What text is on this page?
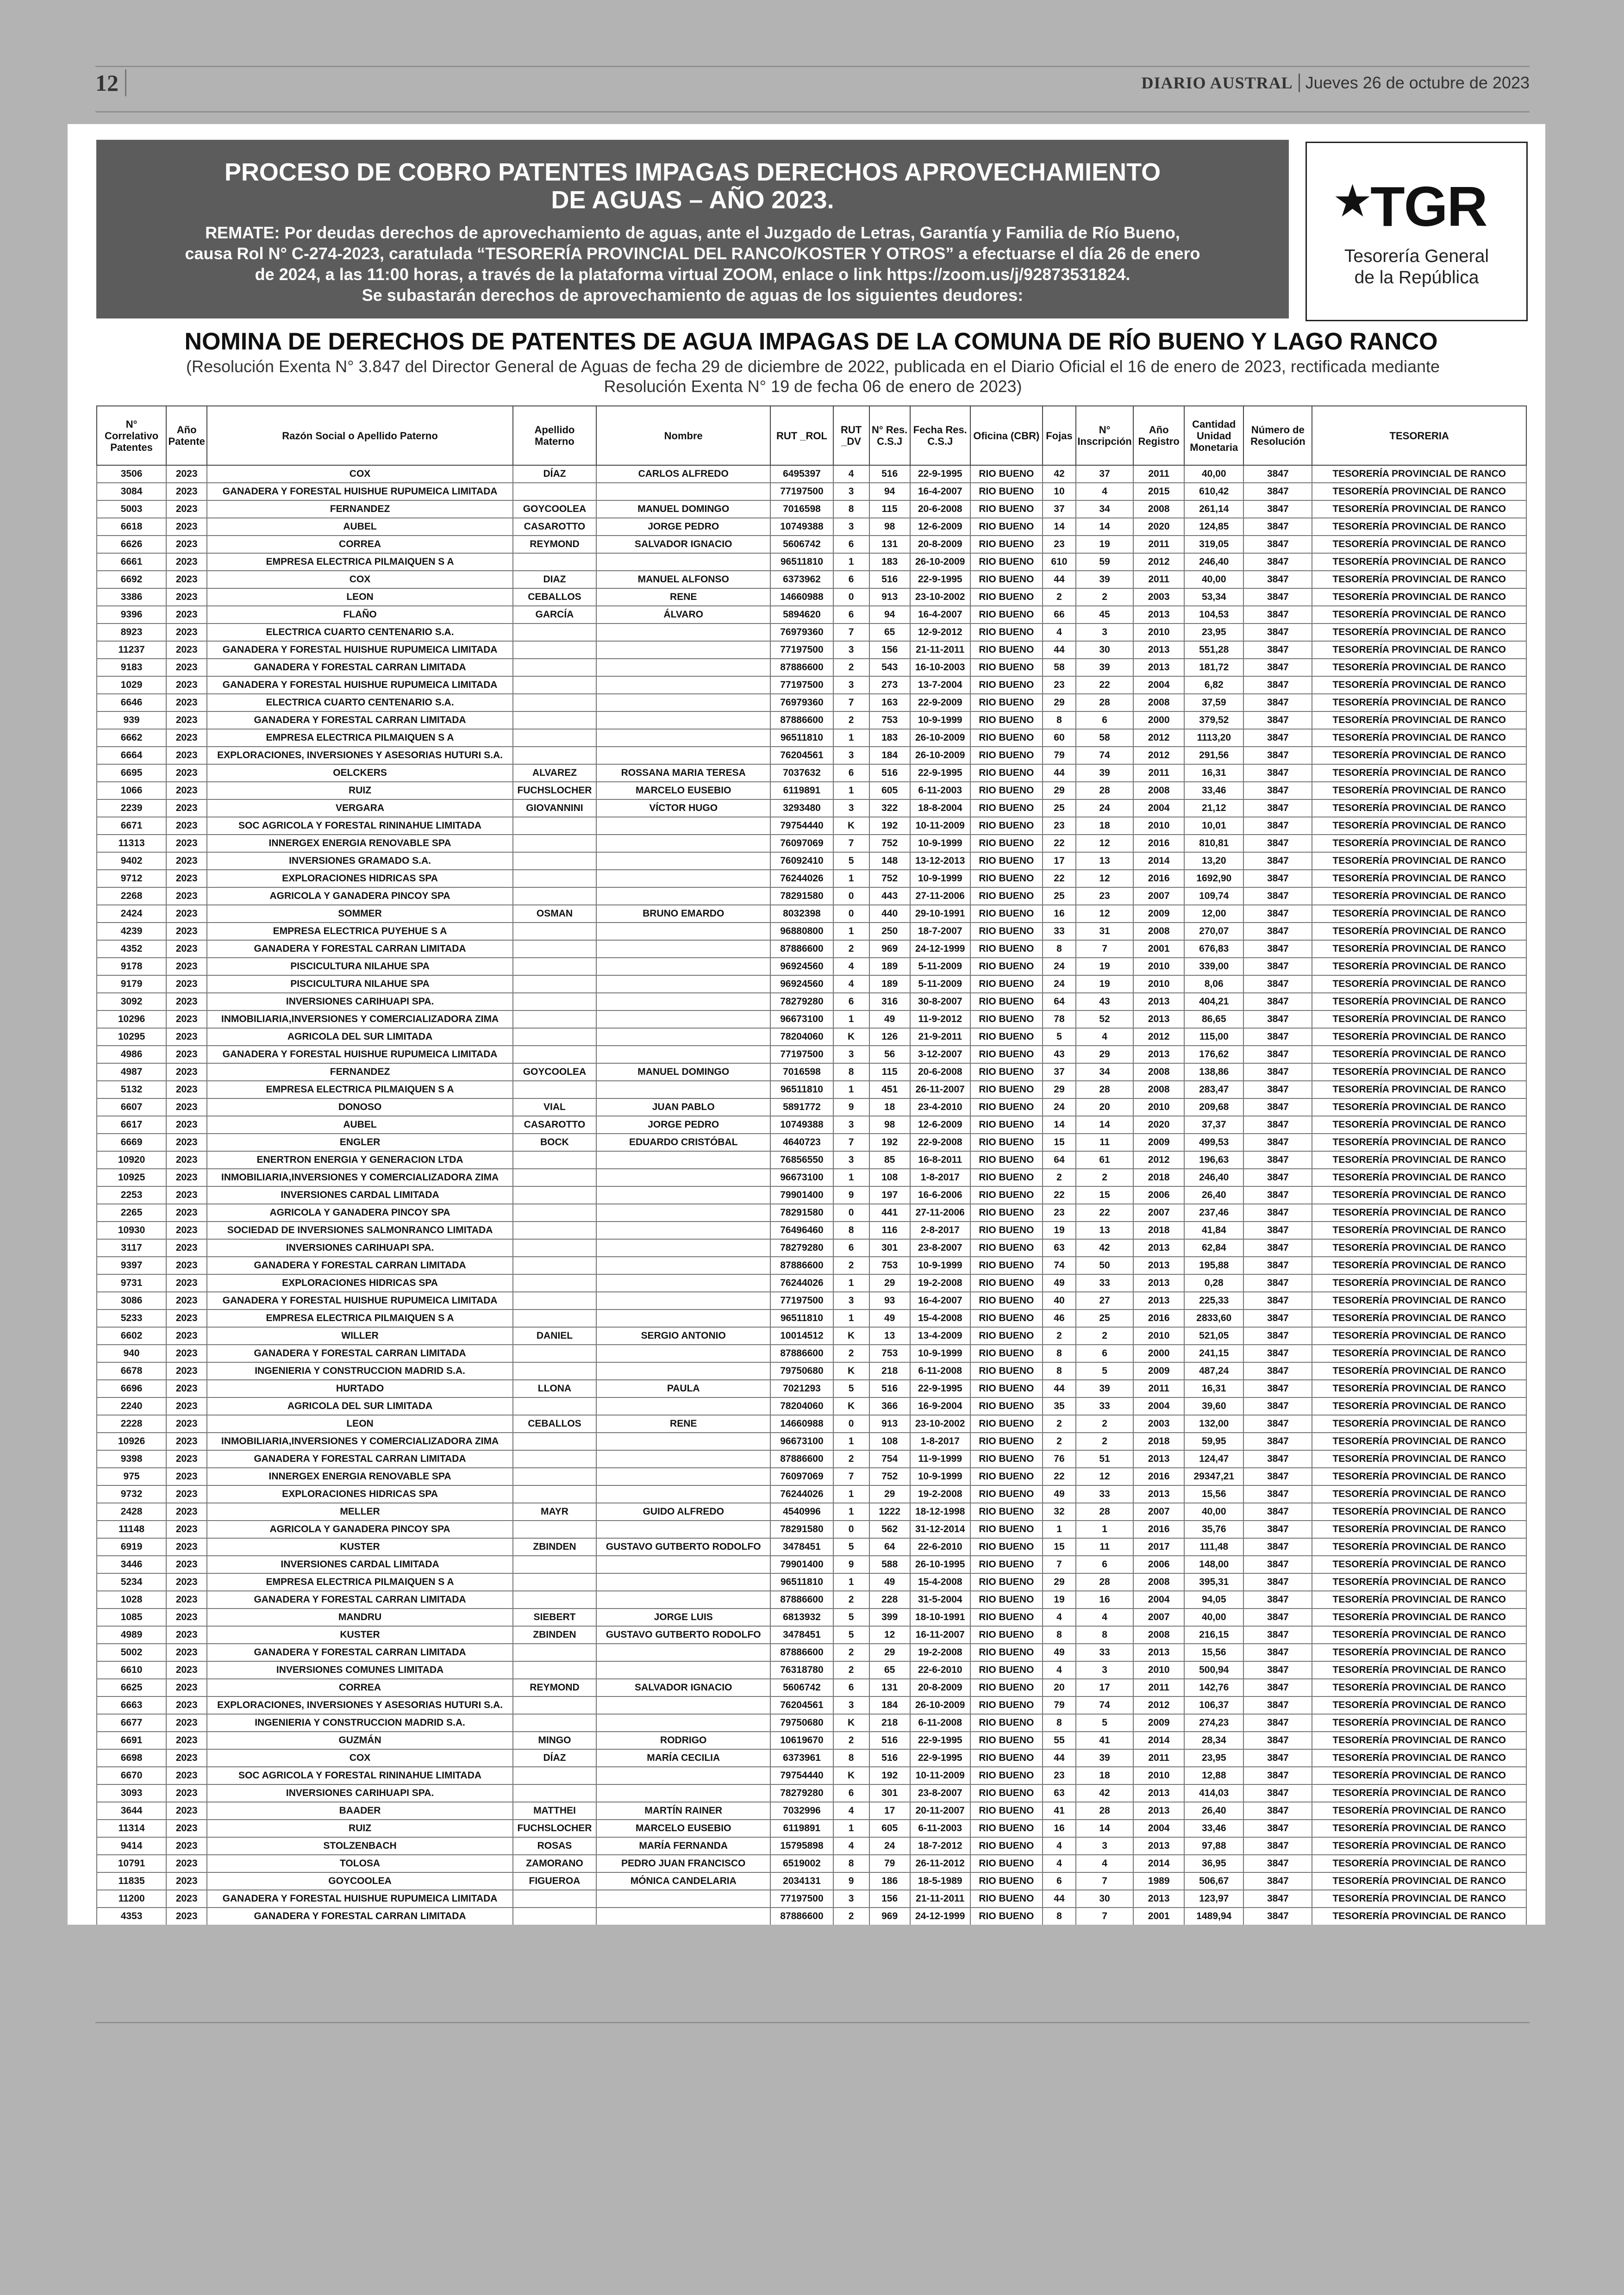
12	DIARIO AUSTRAL Jueves 26 de octubre de 2023
PROCESO DE COBRO PATENTES IMPAGAS DERECHOS APROVECHAMIENTO
DE AGUAS – AÑO 2023.
REMATE: Por deudas derechos de aprovechamiento de aguas, ante el Juzgado de Letras, Garantía y Familia de Río Bueno,
causa Rol N° C-274-2023, caratulada “TESORERÍA PROVINCIAL DEL RANCO/KOSTER Y OTROS” a efectuarse el día 26 de enero
de 2024, a las 11:00 horas, a través de la plataforma virtual ZOOM, enlace o link https://zoom.us/j/92873531824.
Se subastarán derechos de aprovechamiento de aguas de los siguientes deudores:
★TGR
Tesorería General
de la República
NOMINA DE DERECHOS DE PATENTES DE AGUA IMPAGAS DE LA COMUNA DE RÍO BUENO Y LAGO RANCO
(Resolución Exenta N° 3.847 del Director General de Aguas de fecha 29 de diciembre de 2022, publicada en el Diario Oficial el 16 de enero de 2023, rectificada mediante
Resolución Exenta N° 19 de fecha 06 de enero de 2023)
N° Correlativo Patentes	Año Patente	Razón Social o Apellido Paterno	Apellido Materno	Nombre	RUT _ROL	RUT _DV	N° Res. C.S.J	Fecha Res. C.S.J	Oficina (CBR)	Fojas	N° Inscripción	Año Registro	Cantidad Unidad Monetaria	Número de Resolución	TESORERIA
3506	2023	COX	DÍAZ	CARLOS ALFREDO	6495397	4	516	22-9-1995	RIO BUENO	42	37	2011	40,00	3847	TESORERÍA PROVINCIAL DE RANCO
3084	2023	GANADERA Y FORESTAL HUISHUE RUPUMEICA LIMITADA			77197500	3	94	16-4-2007	RIO BUENO	10	4	2015	610,42	3847	TESORERÍA PROVINCIAL DE RANCO
5003	2023	FERNANDEZ	GOYCOOLEA	MANUEL DOMINGO	7016598	8	115	20-6-2008	RIO BUENO	37	34	2008	261,14	3847	TESORERÍA PROVINCIAL DE RANCO
6618	2023	AUBEL	CASAROTTO	JORGE PEDRO	10749388	3	98	12-6-2009	RIO BUENO	14	14	2020	124,85	3847	TESORERÍA PROVINCIAL DE RANCO
6626	2023	CORREA	REYMOND	SALVADOR IGNACIO	5606742	6	131	20-8-2009	RIO BUENO	23	19	2011	319,05	3847	TESORERÍA PROVINCIAL DE RANCO
6661	2023	EMPRESA ELECTRICA PILMAIQUEN S A			96511810	1	183	26-10-2009	RIO BUENO	610	59	2012	246,40	3847	TESORERÍA PROVINCIAL DE RANCO
6692	2023	COX	DIAZ	MANUEL ALFONSO	6373962	6	516	22-9-1995	RIO BUENO	44	39	2011	40,00	3847	TESORERÍA PROVINCIAL DE RANCO
3386	2023	LEON	CEBALLOS	RENE	14660988	0	913	23-10-2002	RIO BUENO	2	2	2003	53,34	3847	TESORERÍA PROVINCIAL DE RANCO
9396	2023	FLAÑO	GARCÍA	ÁLVARO	5894620	6	94	16-4-2007	RIO BUENO	66	45	2013	104,53	3847	TESORERÍA PROVINCIAL DE RANCO
8923	2023	ELECTRICA CUARTO CENTENARIO S.A.			76979360	7	65	12-9-2012	RIO BUENO	4	3	2010	23,95	3847	TESORERÍA PROVINCIAL DE RANCO
11237	2023	GANADERA Y FORESTAL HUISHUE RUPUMEICA LIMITADA			77197500	3	156	21-11-2011	RIO BUENO	44	30	2013	551,28	3847	TESORERÍA PROVINCIAL DE RANCO
9183	2023	GANADERA Y FORESTAL CARRAN LIMITADA			87886600	2	543	16-10-2003	RIO BUENO	58	39	2013	181,72	3847	TESORERÍA PROVINCIAL DE RANCO
1029	2023	GANADERA Y FORESTAL HUISHUE RUPUMEICA LIMITADA			77197500	3	273	13-7-2004	RIO BUENO	23	22	2004	6,82	3847	TESORERÍA PROVINCIAL DE RANCO
6646	2023	ELECTRICA CUARTO CENTENARIO S.A.			76979360	7	163	22-9-2009	RIO BUENO	29	28	2008	37,59	3847	TESORERÍA PROVINCIAL DE RANCO
939	2023	GANADERA Y FORESTAL CARRAN LIMITADA			87886600	2	753	10-9-1999	RIO BUENO	8	6	2000	379,52	3847	TESORERÍA PROVINCIAL DE RANCO
6662	2023	EMPRESA ELECTRICA PILMAIQUEN S A			96511810	1	183	26-10-2009	RIO BUENO	60	58	2012	1113,20	3847	TESORERÍA PROVINCIAL DE RANCO
6664	2023	EXPLORACIONES, INVERSIONES Y ASESORIAS HUTURI S.A.			76204561	3	184	26-10-2009	RIO BUENO	79	74	2012	291,56	3847	TESORERÍA PROVINCIAL DE RANCO
6695	2023	OELCKERS	ALVAREZ	ROSSANA MARIA TERESA	7037632	6	516	22-9-1995	RIO BUENO	44	39	2011	16,31	3847	TESORERÍA PROVINCIAL DE RANCO
1066	2023	RUIZ	FUCHSLOCHER	MARCELO EUSEBIO	6119891	1	605	6-11-2003	RIO BUENO	29	28	2008	33,46	3847	TESORERÍA PROVINCIAL DE RANCO
2239	2023	VERGARA	GIOVANNINI	VÍCTOR HUGO	3293480	3	322	18-8-2004	RIO BUENO	25	24	2004	21,12	3847	TESORERÍA PROVINCIAL DE RANCO
6671	2023	SOC AGRICOLA Y FORESTAL RININAHUE LIMITADA			79754440	K	192	10-11-2009	RIO BUENO	23	18	2010	10,01	3847	TESORERÍA PROVINCIAL DE RANCO
11313	2023	INNERGEX ENERGIA RENOVABLE SPA			76097069	7	752	10-9-1999	RIO BUENO	22	12	2016	810,81	3847	TESORERÍA PROVINCIAL DE RANCO
9402	2023	INVERSIONES GRAMADO S.A.			76092410	5	148	13-12-2013	RIO BUENO	17	13	2014	13,20	3847	TESORERÍA PROVINCIAL DE RANCO
9712	2023	EXPLORACIONES HIDRICAS SPA			76244026	1	752	10-9-1999	RIO BUENO	22	12	2016	1692,90	3847	TESORERÍA PROVINCIAL DE RANCO
2268	2023	AGRICOLA Y GANADERA PINCOY SPA			78291580	0	443	27-11-2006	RIO BUENO	25	23	2007	109,74	3847	TESORERÍA PROVINCIAL DE RANCO
2424	2023	SOMMER	OSMAN	BRUNO EMARDO	8032398	0	440	29-10-1991	RIO BUENO	16	12	2009	12,00	3847	TESORERÍA PROVINCIAL DE RANCO
4239	2023	EMPRESA ELECTRICA PUYEHUE S A			96880800	1	250	18-7-2007	RIO BUENO	33	31	2008	270,07	3847	TESORERÍA PROVINCIAL DE RANCO
4352	2023	GANADERA Y FORESTAL CARRAN LIMITADA			87886600	2	969	24-12-1999	RIO BUENO	8	7	2001	676,83	3847	TESORERÍA PROVINCIAL DE RANCO
9178	2023	PISCICULTURA NILAHUE SPA			96924560	4	189	5-11-2009	RIO BUENO	24	19	2010	339,00	3847	TESORERÍA PROVINCIAL DE RANCO
9179	2023	PISCICULTURA NILAHUE SPA			96924560	4	189	5-11-2009	RIO BUENO	24	19	2010	8,06	3847	TESORERÍA PROVINCIAL DE RANCO
3092	2023	INVERSIONES CARIHUAPI SPA.			78279280	6	316	30-8-2007	RIO BUENO	64	43	2013	404,21	3847	TESORERÍA PROVINCIAL DE RANCO
10296	2023	INMOBILIARIA,INVERSIONES Y COMERCIALIZADORA ZIMA			96673100	1	49	11-9-2012	RIO BUENO	78	52	2013	86,65	3847	TESORERÍA PROVINCIAL DE RANCO
10295	2023	AGRICOLA DEL SUR LIMITADA			78204060	K	126	21-9-2011	RIO BUENO	5	4	2012	115,00	3847	TESORERÍA PROVINCIAL DE RANCO
4986	2023	GANADERA Y FORESTAL HUISHUE RUPUMEICA LIMITADA			77197500	3	56	3-12-2007	RIO BUENO	43	29	2013	176,62	3847	TESORERÍA PROVINCIAL DE RANCO
4987	2023	FERNANDEZ	GOYCOOLEA	MANUEL DOMINGO	7016598	8	115	20-6-2008	RIO BUENO	37	34	2008	138,86	3847	TESORERÍA PROVINCIAL DE RANCO
5132	2023	EMPRESA ELECTRICA PILMAIQUEN S A			96511810	1	451	26-11-2007	RIO BUENO	29	28	2008	283,47	3847	TESORERÍA PROVINCIAL DE RANCO
6607	2023	DONOSO	VIAL	JUAN PABLO	5891772	9	18	23-4-2010	RIO BUENO	24	20	2010	209,68	3847	TESORERÍA PROVINCIAL DE RANCO
6617	2023	AUBEL	CASAROTTO	JORGE PEDRO	10749388	3	98	12-6-2009	RIO BUENO	14	14	2020	37,37	3847	TESORERÍA PROVINCIAL DE RANCO
6669	2023	ENGLER	BOCK	EDUARDO CRISTÓBAL	4640723	7	192	22-9-2008	RIO BUENO	15	11	2009	499,53	3847	TESORERÍA PROVINCIAL DE RANCO
10920	2023	ENERTRON ENERGIA Y GENERACION LTDA			76856550	3	85	16-8-2011	RIO BUENO	64	61	2012	196,63	3847	TESORERÍA PROVINCIAL DE RANCO
10925	2023	INMOBILIARIA,INVERSIONES Y COMERCIALIZADORA ZIMA			96673100	1	108	1-8-2017	RIO BUENO	2	2	2018	246,40	3847	TESORERÍA PROVINCIAL DE RANCO
2253	2023	INVERSIONES CARDAL LIMITADA			79901400	9	197	16-6-2006	RIO BUENO	22	15	2006	26,40	3847	TESORERÍA PROVINCIAL DE RANCO
2265	2023	AGRICOLA Y GANADERA PINCOY SPA			78291580	0	441	27-11-2006	RIO BUENO	23	22	2007	237,46	3847	TESORERÍA PROVINCIAL DE RANCO
10930	2023	SOCIEDAD DE INVERSIONES SALMONRANCO LIMITADA			76496460	8	116	2-8-2017	RIO BUENO	19	13	2018	41,84	3847	TESORERÍA PROVINCIAL DE RANCO
3117	2023	INVERSIONES CARIHUAPI SPA.			78279280	6	301	23-8-2007	RIO BUENO	63	42	2013	62,84	3847	TESORERÍA PROVINCIAL DE RANCO
9397	2023	GANADERA Y FORESTAL CARRAN LIMITADA			87886600	2	753	10-9-1999	RIO BUENO	74	50	2013	195,88	3847	TESORERÍA PROVINCIAL DE RANCO
9731	2023	EXPLORACIONES HIDRICAS SPA			76244026	1	29	19-2-2008	RIO BUENO	49	33	2013	0,28	3847	TESORERÍA PROVINCIAL DE RANCO
3086	2023	GANADERA Y FORESTAL HUISHUE RUPUMEICA LIMITADA			77197500	3	93	16-4-2007	RIO BUENO	40	27	2013	225,33	3847	TESORERÍA PROVINCIAL DE RANCO
5233	2023	EMPRESA ELECTRICA PILMAIQUEN S A			96511810	1	49	15-4-2008	RIO BUENO	46	25	2016	2833,60	3847	TESORERÍA PROVINCIAL DE RANCO
6602	2023	WILLER	DANIEL	SERGIO ANTONIO	10014512	K	13	13-4-2009	RIO BUENO	2	2	2010	521,05	3847	TESORERÍA PROVINCIAL DE RANCO
940	2023	GANADERA Y FORESTAL CARRAN LIMITADA			87886600	2	753	10-9-1999	RIO BUENO	8	6	2000	241,15	3847	TESORERÍA PROVINCIAL DE RANCO
6678	2023	INGENIERIA Y CONSTRUCCION MADRID S.A.			79750680	K	218	6-11-2008	RIO BUENO	8	5	2009	487,24	3847	TESORERÍA PROVINCIAL DE RANCO
6696	2023	HURTADO	LLONA	PAULA	7021293	5	516	22-9-1995	RIO BUENO	44	39	2011	16,31	3847	TESORERÍA PROVINCIAL DE RANCO
2240	2023	AGRICOLA DEL SUR LIMITADA			78204060	K	366	16-9-2004	RIO BUENO	35	33	2004	39,60	3847	TESORERÍA PROVINCIAL DE RANCO
2228	2023	LEON	CEBALLOS	RENE	14660988	0	913	23-10-2002	RIO BUENO	2	2	2003	132,00	3847	TESORERÍA PROVINCIAL DE RANCO
10926	2023	INMOBILIARIA,INVERSIONES Y COMERCIALIZADORA ZIMA			96673100	1	108	1-8-2017	RIO BUENO	2	2	2018	59,95	3847	TESORERÍA PROVINCIAL DE RANCO
9398	2023	GANADERA Y FORESTAL CARRAN LIMITADA			87886600	2	754	11-9-1999	RIO BUENO	76	51	2013	124,47	3847	TESORERÍA PROVINCIAL DE RANCO
975	2023	INNERGEX ENERGIA RENOVABLE SPA			76097069	7	752	10-9-1999	RIO BUENO	22	12	2016	29347,21	3847	TESORERÍA PROVINCIAL DE RANCO
9732	2023	EXPLORACIONES HIDRICAS SPA			76244026	1	29	19-2-2008	RIO BUENO	49	33	2013	15,56	3847	TESORERÍA PROVINCIAL DE RANCO
2428	2023	MELLER	MAYR	GUIDO ALFREDO	4540996	1	1222	18-12-1998	RIO BUENO	32	28	2007	40,00	3847	TESORERÍA PROVINCIAL DE RANCO
11148	2023	AGRICOLA Y GANADERA PINCOY SPA			78291580	0	562	31-12-2014	RIO BUENO	1	1	2016	35,76	3847	TESORERÍA PROVINCIAL DE RANCO
6919	2023	KUSTER	ZBINDEN	GUSTAVO GUTBERTO RODOLFO	3478451	5	64	22-6-2010	RIO BUENO	15	11	2017	111,48	3847	TESORERÍA PROVINCIAL DE RANCO
3446	2023	INVERSIONES CARDAL LIMITADA			79901400	9	588	26-10-1995	RIO BUENO	7	6	2006	148,00	3847	TESORERÍA PROVINCIAL DE RANCO
5234	2023	EMPRESA ELECTRICA PILMAIQUEN S A			96511810	1	49	15-4-2008	RIO BUENO	29	28	2008	395,31	3847	TESORERÍA PROVINCIAL DE RANCO
1028	2023	GANADERA Y FORESTAL CARRAN LIMITADA			87886600	2	228	31-5-2004	RIO BUENO	19	16	2004	94,05	3847	TESORERÍA PROVINCIAL DE RANCO
1085	2023	MANDRU	SIEBERT	JORGE LUIS	6813932	5	399	18-10-1991	RIO BUENO	4	4	2007	40,00	3847	TESORERÍA PROVINCIAL DE RANCO
4989	2023	KUSTER	ZBINDEN	GUSTAVO GUTBERTO RODOLFO	3478451	5	12	16-11-2007	RIO BUENO	8	8	2008	216,15	3847	TESORERÍA PROVINCIAL DE RANCO
5002	2023	GANADERA Y FORESTAL CARRAN LIMITADA			87886600	2	29	19-2-2008	RIO BUENO	49	33	2013	15,56	3847	TESORERÍA PROVINCIAL DE RANCO
6610	2023	INVERSIONES COMUNES LIMITADA			76318780	2	65	22-6-2010	RIO BUENO	4	3	2010	500,94	3847	TESORERÍA PROVINCIAL DE RANCO
6625	2023	CORREA	REYMOND	SALVADOR IGNACIO	5606742	6	131	20-8-2009	RIO BUENO	20	17	2011	142,76	3847	TESORERÍA PROVINCIAL DE RANCO
6663	2023	EXPLORACIONES, INVERSIONES Y ASESORIAS HUTURI S.A.			76204561	3	184	26-10-2009	RIO BUENO	79	74	2012	106,37	3847	TESORERÍA PROVINCIAL DE RANCO
6677	2023	INGENIERIA Y CONSTRUCCION MADRID S.A.			79750680	K	218	6-11-2008	RIO BUENO	8	5	2009	274,23	3847	TESORERÍA PROVINCIAL DE RANCO
6691	2023	GUZMÁN	MINGO	RODRIGO	10619670	2	516	22-9-1995	RIO BUENO	55	41	2014	28,34	3847	TESORERÍA PROVINCIAL DE RANCO
6698	2023	COX	DÍAZ	MARÍA CECILIA	6373961	8	516	22-9-1995	RIO BUENO	44	39	2011	23,95	3847	TESORERÍA PROVINCIAL DE RANCO
6670	2023	SOC AGRICOLA Y FORESTAL RININAHUE LIMITADA			79754440	K	192	10-11-2009	RIO BUENO	23	18	2010	12,88	3847	TESORERÍA PROVINCIAL DE RANCO
3093	2023	INVERSIONES CARIHUAPI SPA.			78279280	6	301	23-8-2007	RIO BUENO	63	42	2013	414,03	3847	TESORERÍA PROVINCIAL DE RANCO
3644	2023	BAADER	MATTHEI	MARTÍN RAINER	7032996	4	17	20-11-2007	RIO BUENO	41	28	2013	26,40	3847	TESORERÍA PROVINCIAL DE RANCO
11314	2023	RUIZ	FUCHSLOCHER	MARCELO EUSEBIO	6119891	1	605	6-11-2003	RIO BUENO	16	14	2004	33,46	3847	TESORERÍA PROVINCIAL DE RANCO
9414	2023	STOLZENBACH	ROSAS	MARÍA FERNANDA	15795898	4	24	18-7-2012	RIO BUENO	4	3	2013	97,88	3847	TESORERÍA PROVINCIAL DE RANCO
10791	2023	TOLOSA	ZAMORANO	PEDRO JUAN FRANCISCO	6519002	8	79	26-11-2012	RIO BUENO	4	4	2014	36,95	3847	TESORERÍA PROVINCIAL DE RANCO
11835	2023	GOYCOOLEA	FIGUEROA	MÓNICA CANDELARIA	2034131	9	186	18-5-1989	RIO BUENO	6	7	1989	506,67	3847	TESORERÍA PROVINCIAL DE RANCO
11200	2023	GANADERA Y FORESTAL HUISHUE RUPUMEICA LIMITADA			77197500	3	156	21-11-2011	RIO BUENO	44	30	2013	123,97	3847	TESORERÍA PROVINCIAL DE RANCO
4353	2023	GANADERA Y FORESTAL CARRAN LIMITADA			87886600	2	969	24-12-1999	RIO BUENO	8	7	2001	1489,94	3847	TESORERÍA PROVINCIAL DE RANCO
